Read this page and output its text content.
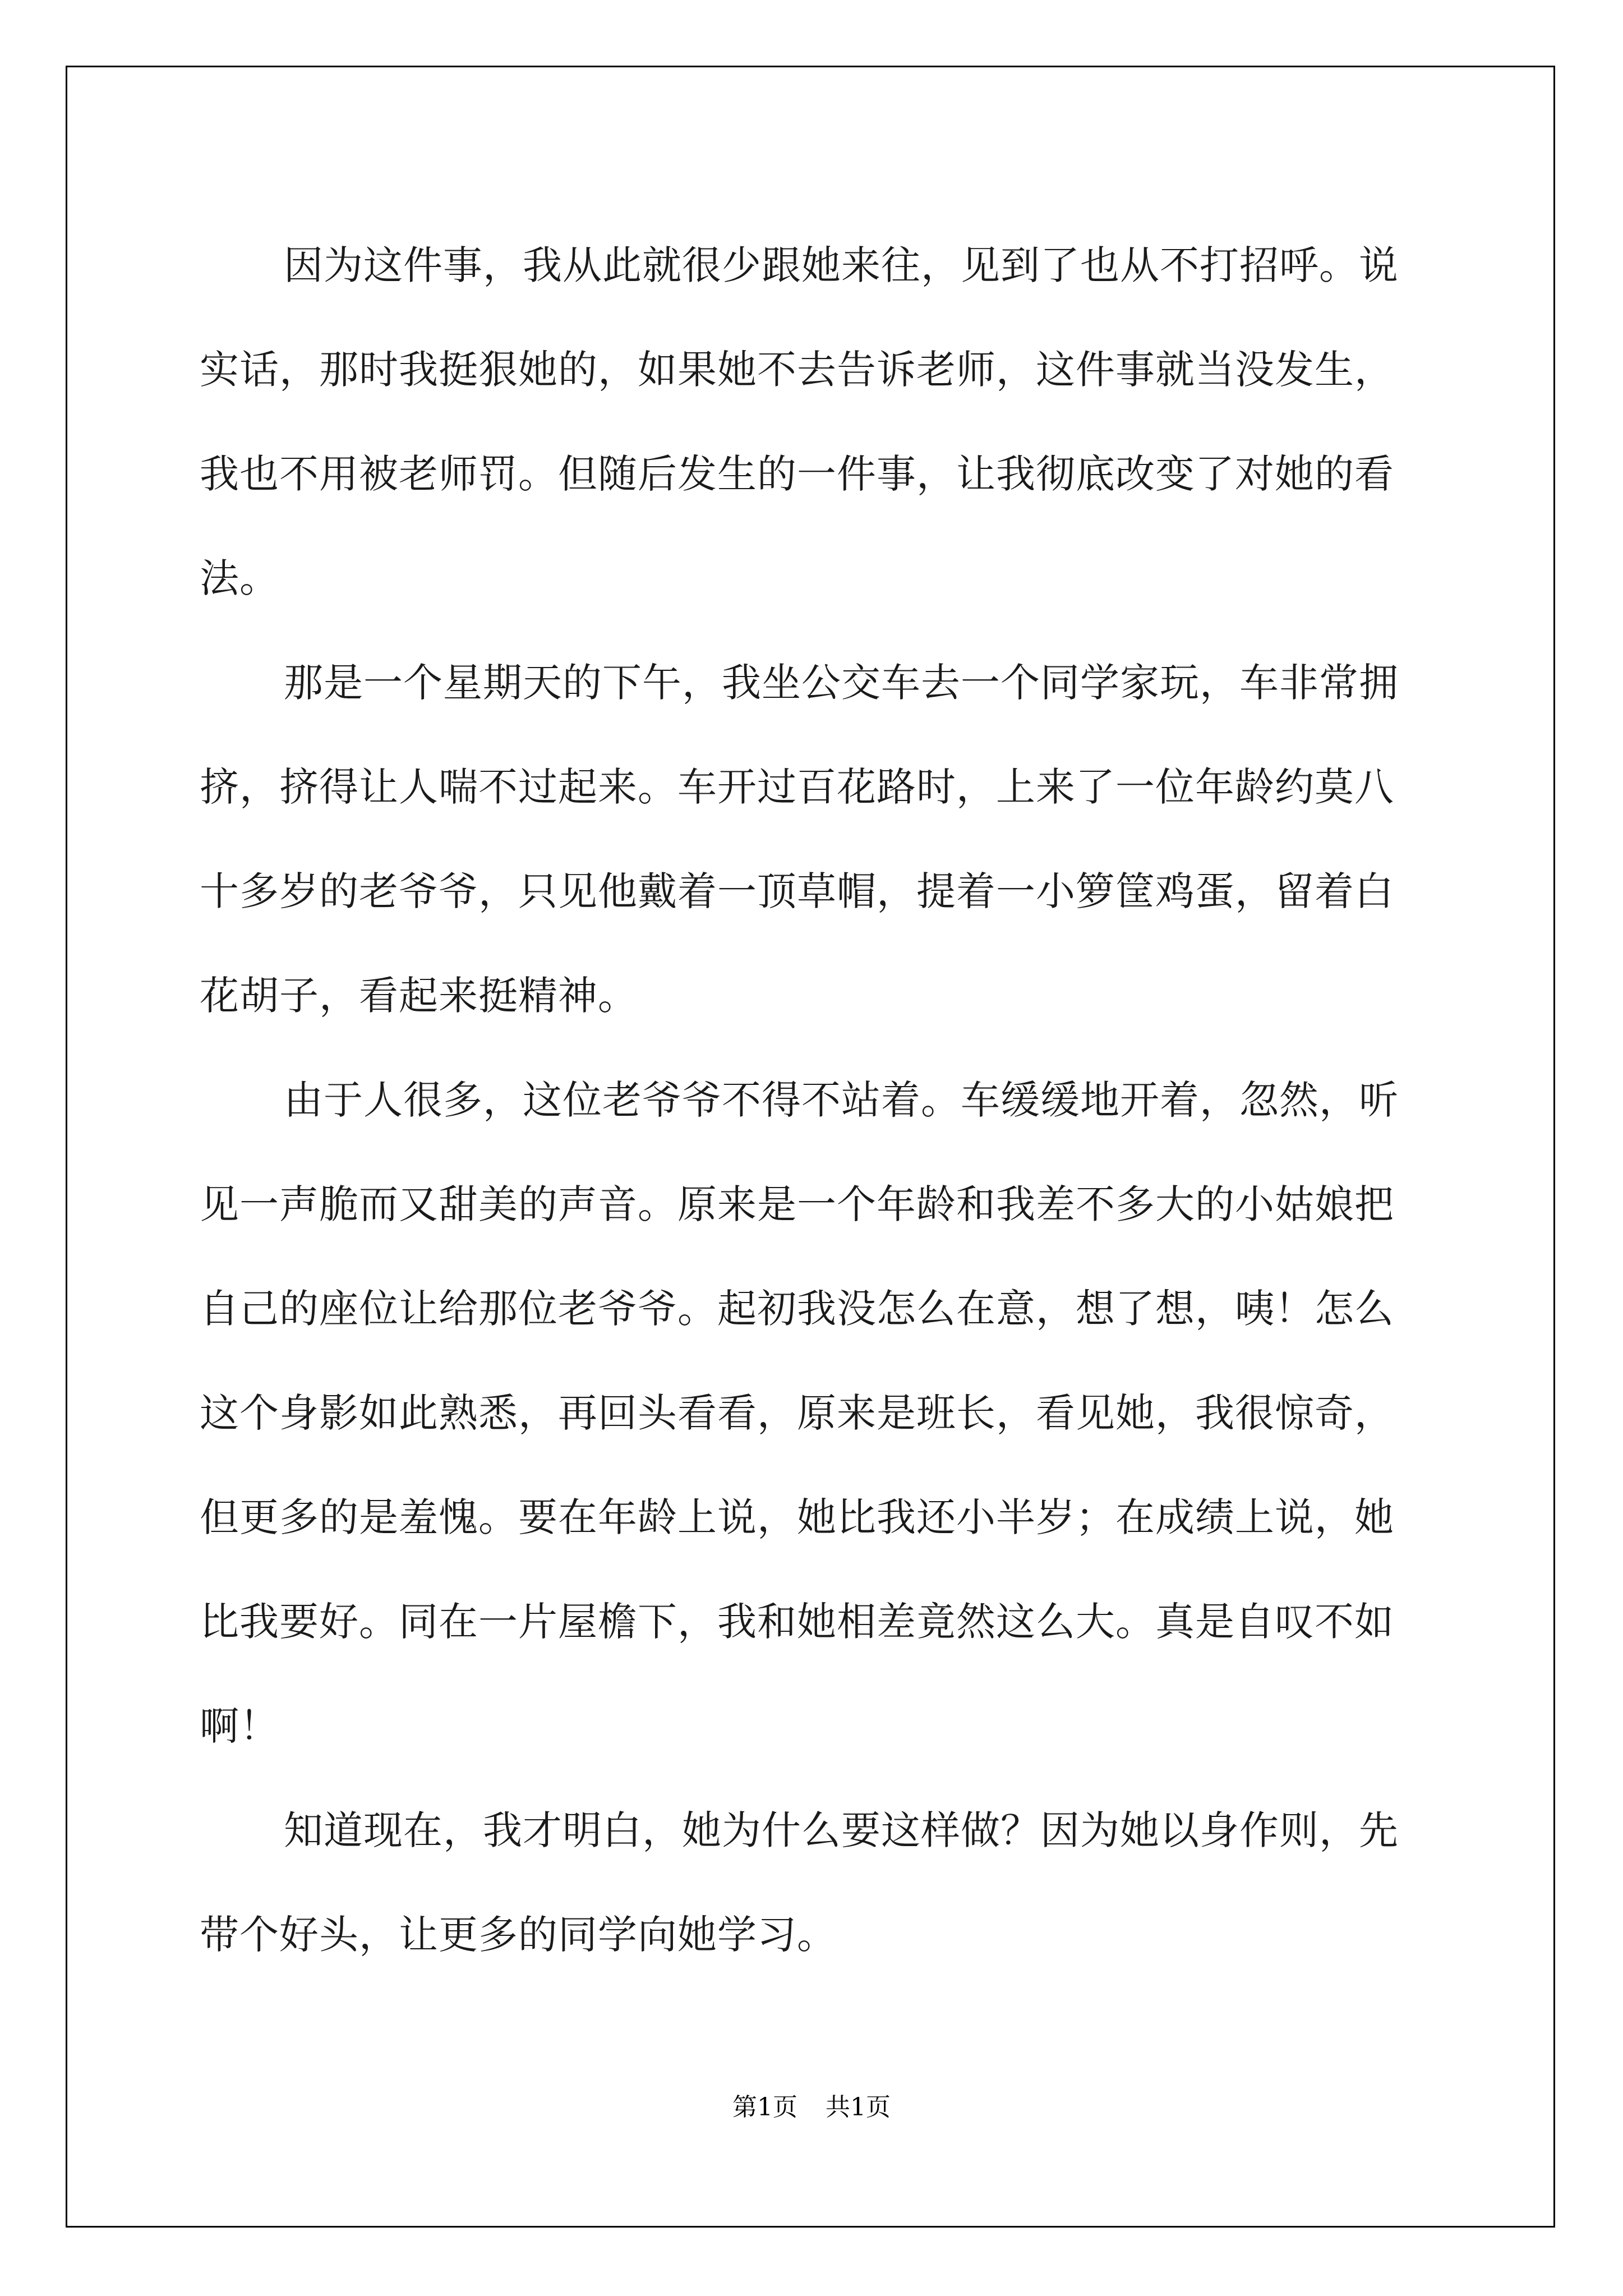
因为这件事，我从此就很少跟她来往，见到了也从不打招呼。说实话，那时我挺狠她的，如果她不去告诉老师，这件事就当没发生，我也不用被老师罚。但随后发生的一件事，让我彻底改变了对她的看法。

那是一个星期天的下午，我坐公交车去一个同学家玩，车非常拥挤，挤得让人喘不过起来。车开过百花路时，上来了一位年龄约莫八十多岁的老爷爷，只见他戴着一顶草帽，提着一小箩筐鸡蛋，留着白花胡子，看起来挺精神。

由于人很多，这位老爷爷不得不站着。车缓缓地开着，忽然，听见一声脆而又甜美的声音。原来是一个年龄和我差不多大的小姑娘把自己的座位让给那位老爷爷。起初我没怎么在意，想了想，咦！怎么这个身影如此熟悉，再回头看看，原来是班长，看见她，我很惊奇，但更多的是羞愧。要在年龄上说，她比我还小半岁；在成绩上说，她比我要好。同在一片屋檐下，我和她相差竟然这么大。真是自叹不如啊！

知道现在，我才明白，她为什么要这样做？因为她以身作则，先带个好头，让更多的同学向她学习。

第1页 共1页
